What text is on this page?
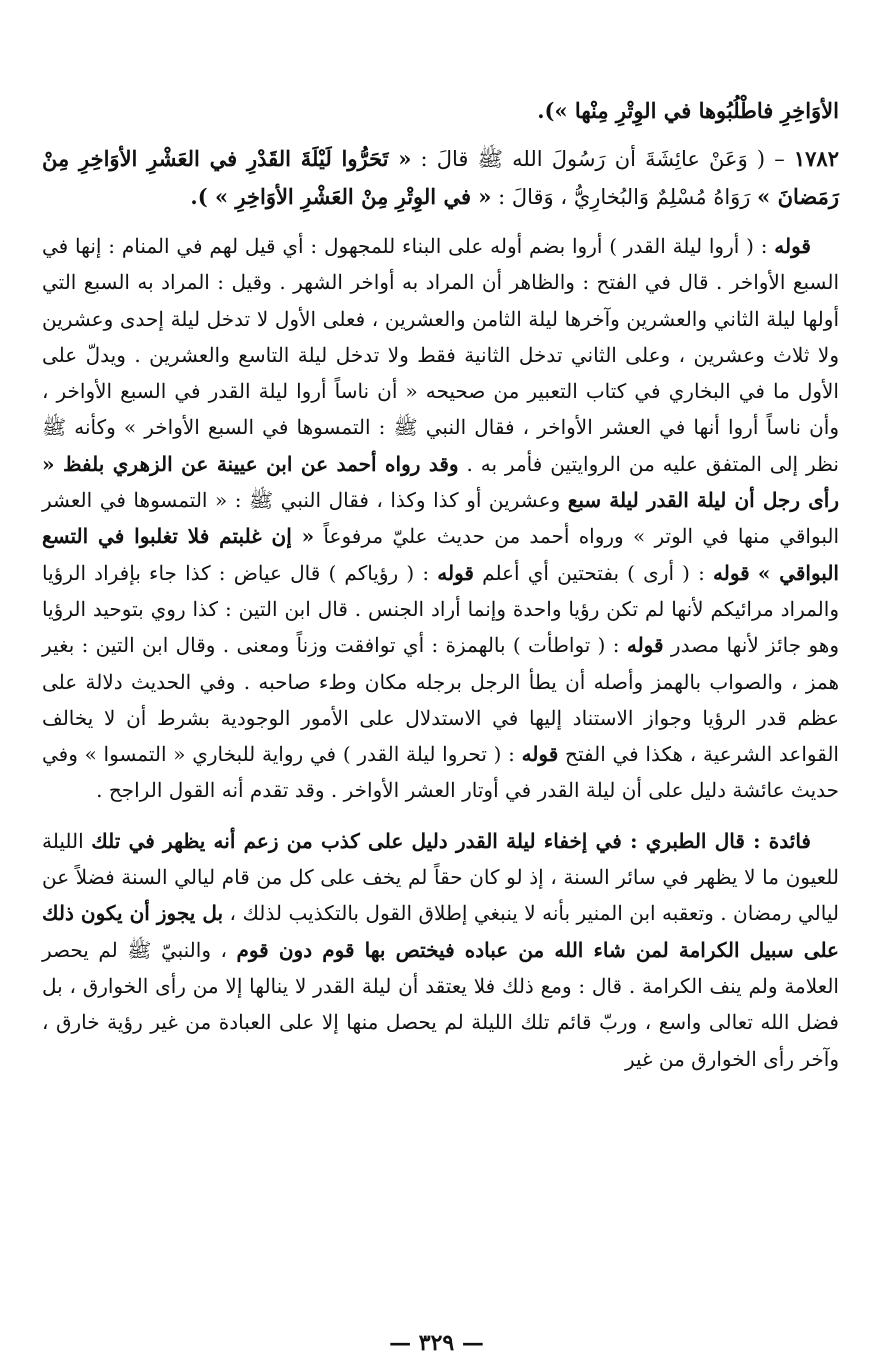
الأوَاخِرِ فاطْلُبُوها في الوِتْرِ مِنْها »).

١٧٨٢ – ( وَعَنْ عائِشَةَ أن رَسُولَ الله ﷺ قالَ : « تَحَرُّوا لَيْلَةَ القَدْرِ في العَشْرِ الأوَاخِرِ مِنْ رَمَضانَ » رَوَاهُ مُسْلِمٌ وَالبُخارِيُّ ، وَقالَ : « في الوِتْرِ مِنْ العَشْرِ الأوَاخِرِ » ).

قوله : ( أروا ليلة القدر ) أروا بضم أوله على البناء للمجهول : أي قيل لهم في المنام : إنها في السبع الأواخر . قال في الفتح : والظاهر أن المراد به أواخر الشهر . وقيل : المراد به السبع التي أولها ليلة الثاني والعشرين وآخرها ليلة الثامن والعشرين ، فعلى الأول لا تدخل ليلة إحدى وعشرين ولا ثلاث وعشرين ، وعلى الثاني تدخل الثانية فقط ولا تدخل ليلة التاسع والعشرين . ويدلّ على الأول ما في البخاري في كتاب التعبير من صحيحه « أن ناساً أروا ليلة القدر في السبع الأواخر ، وأن ناساً أروا أنها في العشر الأواخر ، فقال النبي ﷺ : التمسوها في السبع الأواخر » وكأنه ﷺ نظر إلى المتفق عليه من الروايتين فأمر به . وقد رواه أحمد عن ابن عيينة عن الزهري بلفظ « رأى رجل أن ليلة القدر ليلة سبع وعشرين أو كذا وكذا ، فقال النبي ﷺ : « التمسوها في العشر البواقي منها في الوتر » ورواه أحمد من حديث عليّ مرفوعاً « إن غلبتم فلا تغلبوا في التسع البواقي » قوله : ( أرى ) بفتحتين أي أعلم قوله : ( رؤياكم ) قال عياض : كذا جاء بإفراد الرؤيا والمراد مرائيكم لأنها لم تكن رؤيا واحدة وإنما أراد الجنس . قال ابن التين : كذا روي بتوحيد الرؤيا وهو جائز لأنها مصدر قوله : ( تواطأت ) بالهمزة : أي توافقت وزناً ومعنى . وقال ابن التين : بغير همز ، والصواب بالهمز وأصله أن يطأ الرجل برجله مكان وطء صاحبه . وفي الحديث دلالة على عظم قدر الرؤيا وجواز الاستناد إليها في الاستدلال على الأمور الوجودية بشرط أن لا يخالف القواعد الشرعية ، هكذا في الفتح قوله : ( تحروا ليلة القدر ) في رواية للبخاري « التمسوا » وفي حديث عائشة دليل على أن ليلة القدر في أوتار العشر الأواخر . وقد تقدم أنه القول الراجح .

فائدة : قال الطبري : في إخفاء ليلة القدر دليل على كذب من زعم أنه يظهر في تلك الليلة للعيون ما لا يظهر في سائر السنة ، إذ لو كان حقاً لم يخف على كل من قام ليالي السنة فضلاً عن ليالي رمضان . وتعقبه ابن المنير بأنه لا ينبغي إطلاق القول بالتكذيب لذلك ، بل يجوز أن يكون ذلك على سبيل الكرامة لمن شاء الله من عباده فيختص بها قوم دون قوم ، والنبيّ ﷺ لم يحصر العلامة ولم ينف الكرامة . قال : ومع ذلك فلا يعتقد أن ليلة القدر لا ينالها إلا من رأى الخوارق ، بل فضل الله تعالى واسع ، وربّ قائم تلك الليلة لم يحصل منها إلا على العبادة من غير رؤية خارق ، وآخر رأى الخوارق من غير

— ٣٢٩ —
